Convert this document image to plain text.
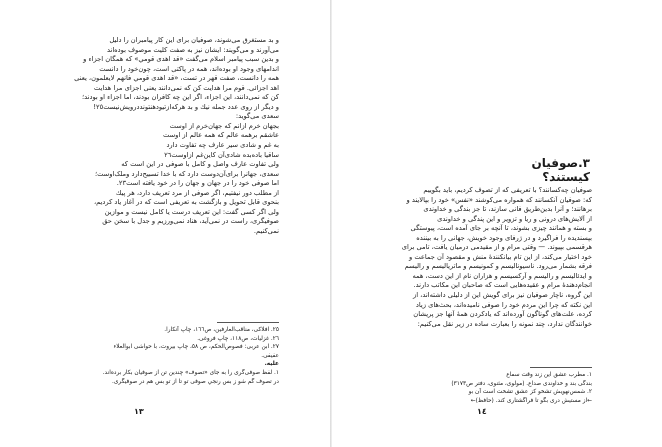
و بد مستغرق مى‌شوند، صوفيان براى اين كار پيامبران را دليل
مى‌آورند و مى‌گويند: ايشان نيز به صفت كليت موصوف بوده‌اند
و بدين سبب پيامبر اسلام مى‌گفت «قد اهدى قومي» كه همگان اجزاء و
اندامهاى وجود او بوده‌اند، همه در پاكتى است، چون‌خود را دانست
همه را دانست، صفت قهر در تست، «قد اهدى قومي فانهم لايعلمون، يعنى
اهد اجزائى. قوم مرا هدايت كن كه نمى‌دانند يعنى اجزاى مرا هدايت
كن كه نمى‌دانند، اين اجزاء، اگر اين چه كافران بودند، اما اجزاء او بودند؛
و ديگر از روى عدد جمله نيك و بد هرکه‌از‌تيو‌دهنتونددرويش‌نيست‌٢٥!
سعدى مى‌گويد:
بجهان خرم ازانم كه جهان‌خرم از اوست
عاشقم برهمه عالم كه همه عالم از اوست
به غم و شادى سير عارف چه تفاوت دارد
ساقيا باده‌بده شادى‌آن كاين‌غم ازاوست‌٢٦
ولى تفاوت عارف واصل و كامل با صوفى در اين است كه
سعدى، جهانرا براى‌آن‌دوست دارد كه با خدا تسبيح‌دارد وملک‌اوست؛
اما صوفى خود را در جهان و جهان را در خود يافته است‌٢٣.
از مطلب دور نيفتيم، اگر صوفى از مرد تعريف دارد، هر پيك
بنحوى قابل تحويل و بازگشت به تعريفى است كه در آغاز ياد كرديم،
ولى اگر كسى گفت: اين تعريف درست يا كامل نيست و موازين
صوفيگرى، راست در نمى‌آيد، هناد نمى‌ورزيم و جدل با سخن حق
نمى‌كنيم.
٢٥. افلاكى، مناقب‌العارفين، ص١٦٦، چاپ آنكارا.
٢٦. غزليات، ص١١٨، چاپ فروغى.
٢٧. ابن عربى: فصوص‌الحكم، ص ٥٨، چاپ بيروت، با حواشى ابوالعلاء
عفيفى.
عليه.
١. لفظ صوفى‌گرى را به جاى «تصوف» چندين تن از صوفيان بكار برده‌اند.
در تصوف گم شو ز بس رنجي‌ صوفى تو تا از تو بس هم در صوفيگرى.
١٣
٣.صوفيان كيستند؟
صوفيان چه‌كسانند؟ با تعريفى كه از تصوف كرديم، بايد بگوييم
كه: صوفيان آنكسانند كه همواره مى‌كوشند «نفس» خود را بپالايند و
برهانند؛ و آنرا بدين‌طريق فانى سازند، تا جز بندگى و خداوندى
از آلايش‌هاى درونى و ريا و تزوير و اين پندگى و خداوندى
و بسته و همانند چيزى بشوند، تا آنچه بر جاى آمده است، پيوستگى
بپسنديده را فراگيرد و در ژرفاى وجود خويش، جهانى را به بيننده
هرقسمى بپيوند. — وقتى مرام و از مقيدمى درميان يافت، تامى براى
خود اختيار مى‌كند، از اين تام بيانكنندهٔ منش و مقصود آن جماعت و
فرقه بشمار مى‌رود. ناسيوناليسم و كمونيسم و ماترياليسم و راليسم
و ايدئاليسم و راليسم و آركسيسم و هزاران نام از اين دست، همه
انجام‌دهندهٔ مرام و عقيده‌هايى است كه صاحبان اين مكاتب دارند.
اين گروه، ناچار صوفيان نيز براى گويش اين از دليلى داشته‌اند، از
اين نكته كه چرا اين مردم خود را صوفى ناميده‌اند، بحث‌هاى زياد
كرده، علت‌هاى گوناگون آورده‌اند كه يادكردن همهٔ آنها جز پريشان
خوانندگان ندارد، چند نمونه را بعبارت ساده در زير نقل مى‌كنيم:
١. مطرب عشق اين زند وقت سماع
بندگى بند و خداوندى صداع. (مولوى، مثنوى، دفتر ص٣١٧٣)
٢. شمس‌نهويش تشخو كز عشق تشخت است آن بو
←از مستيش درى بگو تا فراگشتارى كند. (حافظ)←
١٤
